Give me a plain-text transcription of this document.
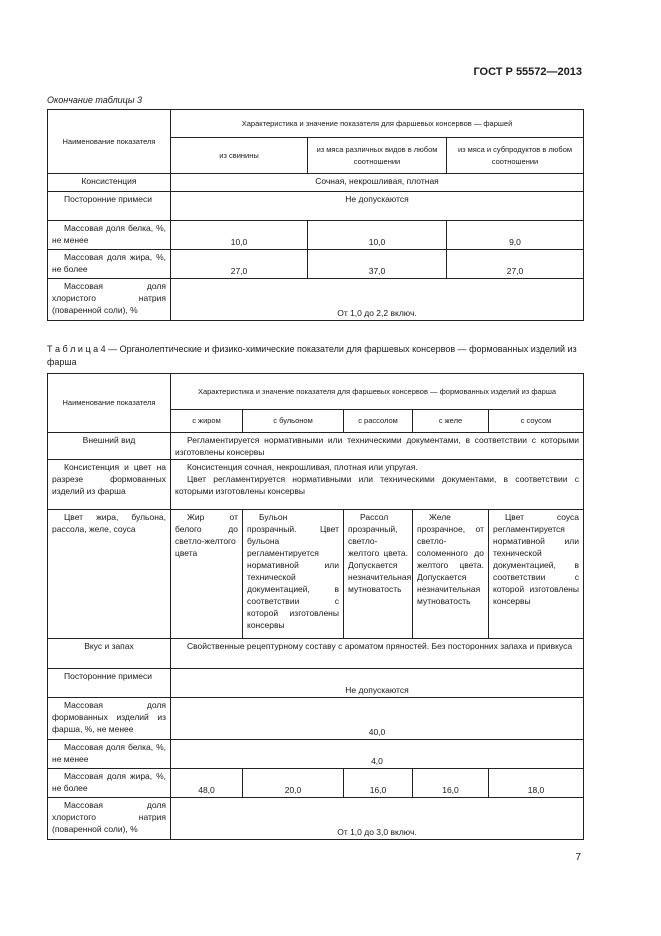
ГОСТ Р 55572—2013
Окончание таблицы 3
Наименование показателя	Характеристика и значение показателя для фаршевых консервов — фаршей		
	из свинины	из мяса различных видов в любом соотношении	из мяса и субпродуктов в любом соотношении
Консистенция	Сочная, некрошливая, плотная		
Посторонние примеси	Не допускаются		
Массовая доля белка, %, не менее	10,0	10,0	9,0
Массовая доля жира, %, не более	27,0	37,0	27,0
Массовая доля хлористого натрия (поваренной соли), %	От 1,0 до 2,2 включ.		
Т а б л и ц а 4 — Органолептические и физико-химические показатели для фаршевых консервов — формованных изделий из фарша
Наименование показателя	Характеристика и значение показателя для фаршевых консервов — формованных изделий из фарша				
	с жиром	с бульоном	с рассолом	с желе	с соусом
Внешний вид	Регламентируется нормативными или техническими документами, в соответствии с которыми изготовлены консервы				
Консистенция и цвет на разрезе формованных изделий из фарша	Консистенция сочная, некрошливая, плотная или упругая.
Цвет регламентируется нормативными или техническими документами, в соответствии с которыми изготовлены консервы				

Цвет жира, бульона, рассола, желе, соуса	Жир от белого до светло-желтого цвета	Бульон прозрачный. Цвет бульона регламентируется нормативной или технической документацией, в соответствии с которой изготовлены консервы	Рассол прозрачный, светло-желтого цвета. Допускается незначительная мутноватость	Желе прозрачное, от светло-соломенного до желтого цвета. Допускается незначительная мутноватость	Цвет соуса регламентируется нормативной или технической документацией, в соответствии с которой изготовлены консервы
Вкус и запах	Свойственные рецептурному составу с ароматом пряностей. Без посторонних запаха и привкуса				
Посторонние примеси	Не допускаются				
Массовая доля формованных изделий из фарша, %, не менее	40,0				
Массовая доля белка, %, не менее	4,0				
Массовая доля жира, %, не более	48,0	20,0	16,0	16,0	18,0
Массовая доля хлористого натрия (поваренной соли), %	От 1,0 до 3,0 включ.				
7
